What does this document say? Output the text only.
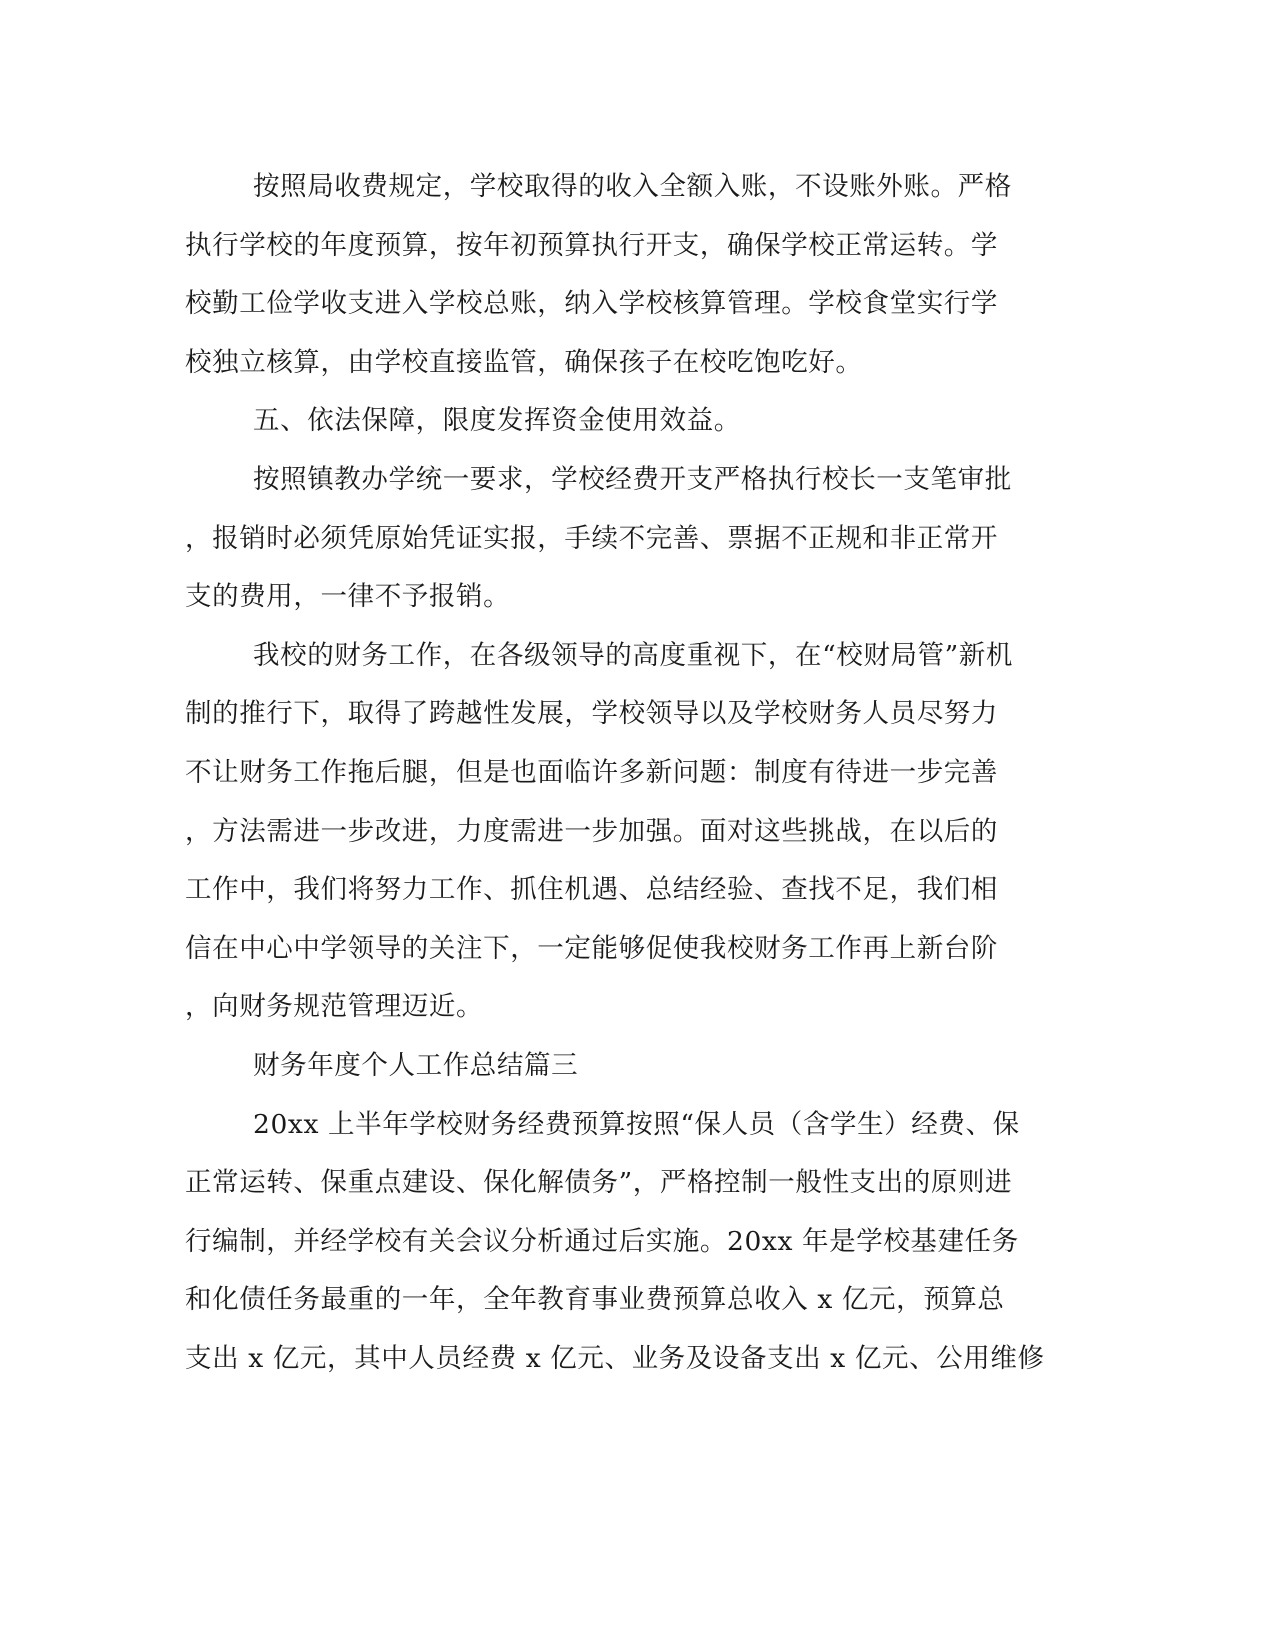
按照局收费规定，学校取得的收入全额入账，不设账外账。严格
执行学校的年度预算，按年初预算执行开支，确保学校正常运转。学
校勤工俭学收支进入学校总账，纳入学校核算管理。学校食堂实行学
校独立核算，由学校直接监管，确保孩子在校吃饱吃好。
五、依法保障，限度发挥资金使用效益。
按照镇教办学统一要求，学校经费开支严格执行校长一支笔审批
，报销时必须凭原始凭证实报，手续不完善、票据不正规和非正常开
支的费用，一律不予报销。
我校的财务工作，在各级领导的高度重视下，在“校财局管”新机
制的推行下，取得了跨越性发展，学校领导以及学校财务人员尽努力
不让财务工作拖后腿，但是也面临许多新问题：制度有待进一步完善
，方法需进一步改进，力度需进一步加强。面对这些挑战，在以后的
工作中，我们将努力工作、抓住机遇、总结经验、查找不足，我们相
信在中心中学领导的关注下，一定能够促使我校财务工作再上新台阶
，向财务规范管理迈近。
财务年度个人工作总结篇三
20xx 上半年学校财务经费预算按照“保人员（含学生）经费、保
正常运转、保重点建设、保化解债务”，严格控制一般性支出的原则进
行编制，并经学校有关会议分析通过后实施。20xx 年是学校基建任务
和化债任务最重的一年，全年教育事业费预算总收入 x 亿元，预算总
支出 x 亿元，其中人员经费 x 亿元、业务及设备支出 x 亿元、公用维修
